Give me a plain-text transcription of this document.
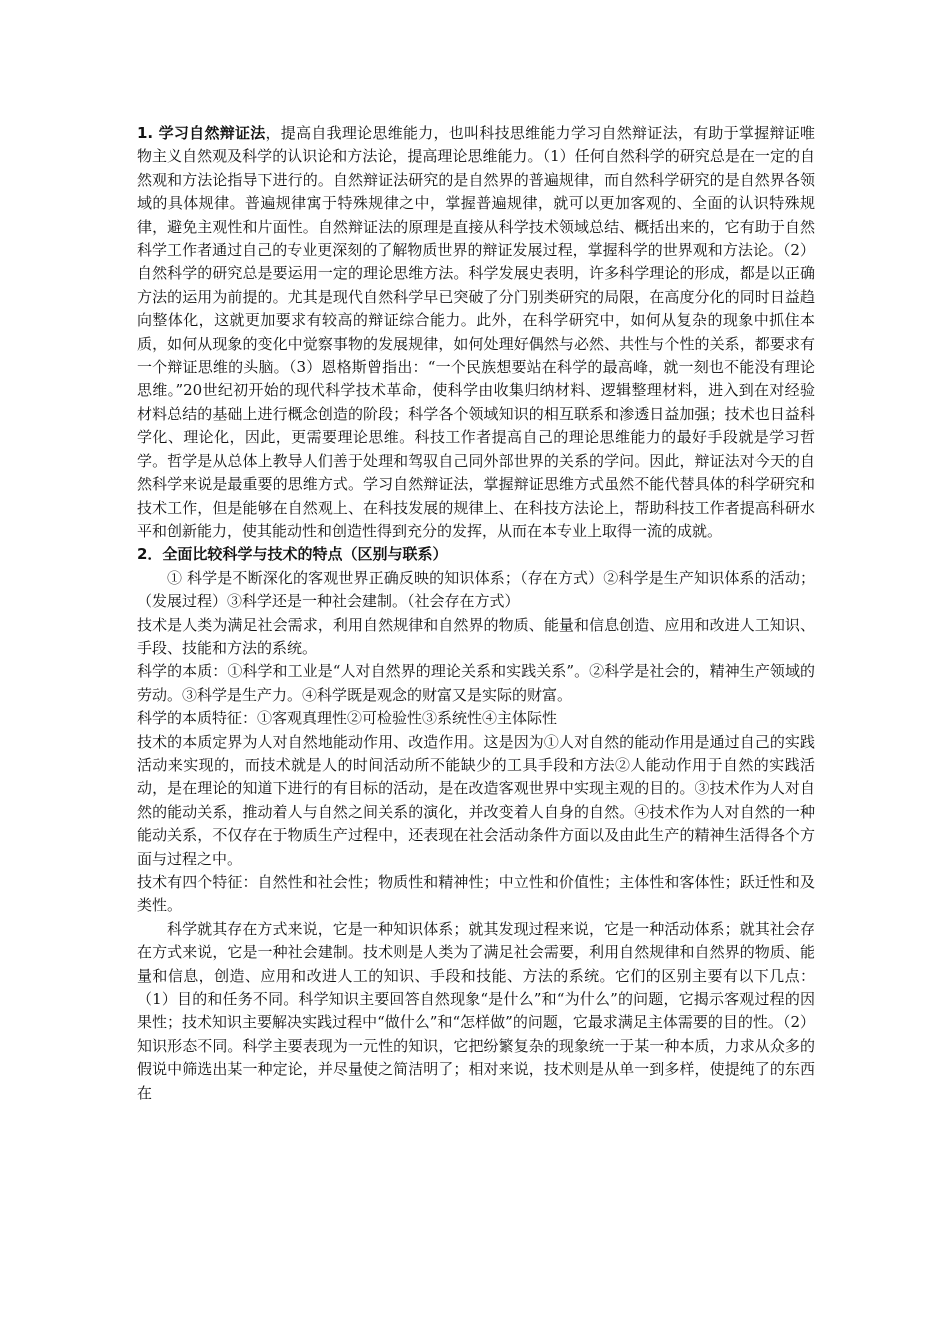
1. 学习自然辩证法，提高自我理论思维能力，也叫科技思维能力学习自然辩证法，有助于掌握辩证唯物主义自然观及科学的认识论和方法论，提高理论思维能力。（1）任何自然科学的研究总是在一定的自然观和方法论指导下进行的。自然辩证法研究的是自然界的普遍规律，而自然科学研究的是自然界各领域的具体规律。普遍规律寓于特殊规律之中，掌握普遍规律，就可以更加客观的、全面的认识特殊规律，避免主观性和片面性。自然辩证法的原理是直接从科学技术领域总结、概括出来的，它有助于自然科学工作者通过自己的专业更深刻的了解物质世界的辩证发展过程，掌握科学的世界观和方法论。（2）自然科学的研究总是要运用一定的理论思维方法。科学发展史表明，许多科学理论的形成，都是以正确方法的运用为前提的。尤其是现代自然科学早已突破了分门别类研究的局限，在高度分化的同时日益趋向整体化，这就更加要求有较高的辩证综合能力。此外，在科学研究中，如何从复杂的现象中抓住本质，如何从现象的变化中觉察事物的发展规律，如何处理好偶然与必然、共性与个性的关系，都要求有一个辩证思维的头脑。（3）恩格斯曾指出：“一个民族想要站在科学的最高峰，就一刻也不能没有理论思维。”20世纪初开始的现代科学技术革命，使科学由收集归纳材料、逻辑整理材料，进入到在对经验材料总结的基础上进行概念创造的阶段；科学各个领域知识的相互联系和渗透日益加强；技术也日益科学化、理论化，因此，更需要理论思维。科技工作者提高自己的理论思维能力的最好手段就是学习哲学。哲学是从总体上教导人们善于处理和驾驭自己同外部世界的关系的学问。因此，辩证法对今天的自然科学来说是最重要的思维方式。学习自然辩证法，掌握辩证思维方式虽然不能代替具体的科学研究和技术工作，但是能够在自然观上、在科技发展的规律上、在科技方法论上，帮助科技工作者提高科研水平和创新能力，使其能动性和创造性得到充分的发挥，从而在本专业上取得一流的成就。

2．全面比较科学与技术的特点（区别与联系）

① 科学是不断深化的客观世界正确反映的知识体系；（存在方式）②科学是生产知识体系的活动；（发展过程）③科学还是一种社会建制。（社会存在方式）

技术是人类为满足社会需求，利用自然规律和自然界的物质、能量和信息创造、应用和改进人工知识、手段、技能和方法的系统。

科学的本质：①科学和工业是“人对自然界的理论关系和实践关系”。②科学是社会的，精神生产领域的劳动。③科学是生产力。④科学既是观念的财富又是实际的财富。

科学的本质特征：①客观真理性②可检验性③系统性④主体际性

技术的本质定界为人对自然地能动作用、改造作用。这是因为①人对自然的能动作用是通过自己的实践活动来实现的，而技术就是人的时间活动所不能缺少的工具手段和方法②人能动作用于自然的实践活动，是在理论的知道下进行的有目标的活动，是在改造客观世界中实现主观的目的。③技术作为人对自然的能动关系，推动着人与自然之间关系的演化，并改变着人自身的自然。④技术作为人对自然的一种能动关系，不仅存在于物质生产过程中，还表现在社会活动条件方面以及由此生产的精神生活得各个方面与过程之中。

技术有四个特征：自然性和社会性；物质性和精神性；中立性和价值性；主体性和客体性；跃迁性和及类性。

科学就其存在方式来说，它是一种知识体系；就其发现过程来说，它是一种活动体系；就其社会存在方式来说，它是一种社会建制。技术则是人类为了满足社会需要，利用自然规律和自然界的物质、能量和信息，创造、应用和改进人工的知识、手段和技能、方法的系统。它们的区别主要有以下几点：（1）目的和任务不同。科学知识主要回答自然现象“是什么”和“为什么”的问题，它揭示客观过程的因果性；技术知识主要解决实践过程中“做什么”和“怎样做”的问题，它最求满足主体需要的目的性。（2）知识形态不同。科学主要表现为一元性的知识，它把纷繁复杂的现象统一于某一种本质，力求从众多的假说中筛选出某一种定论，并尽量使之简洁明了；相对来说，技术则是从单一到多样，使提纯了的东西在
